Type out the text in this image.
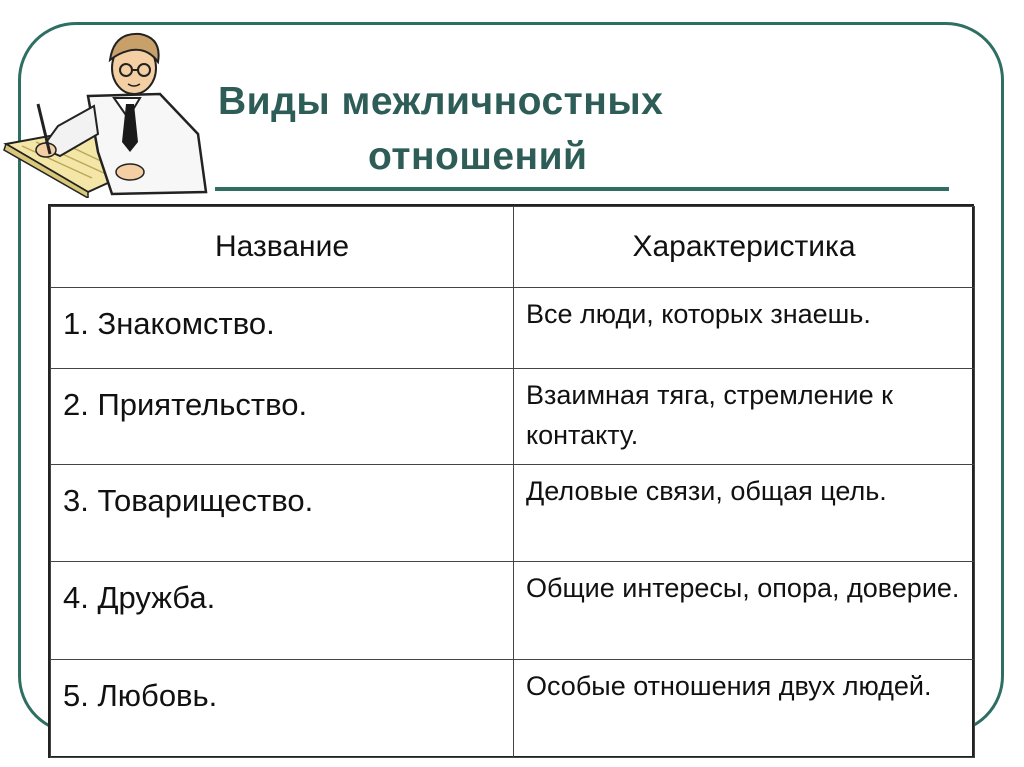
Виды межличностных
отношений
Название	Характеристика
1. Знакомство.	Все люди, которых знаешь.
2. Приятельство.	Взаимная тяга, стремление к контакту.
3. Товарищество.	Деловые связи, общая цель.
4. Дружба.	Общие интересы, опора, доверие.
5. Любовь.	Особые отношения двух людей.
